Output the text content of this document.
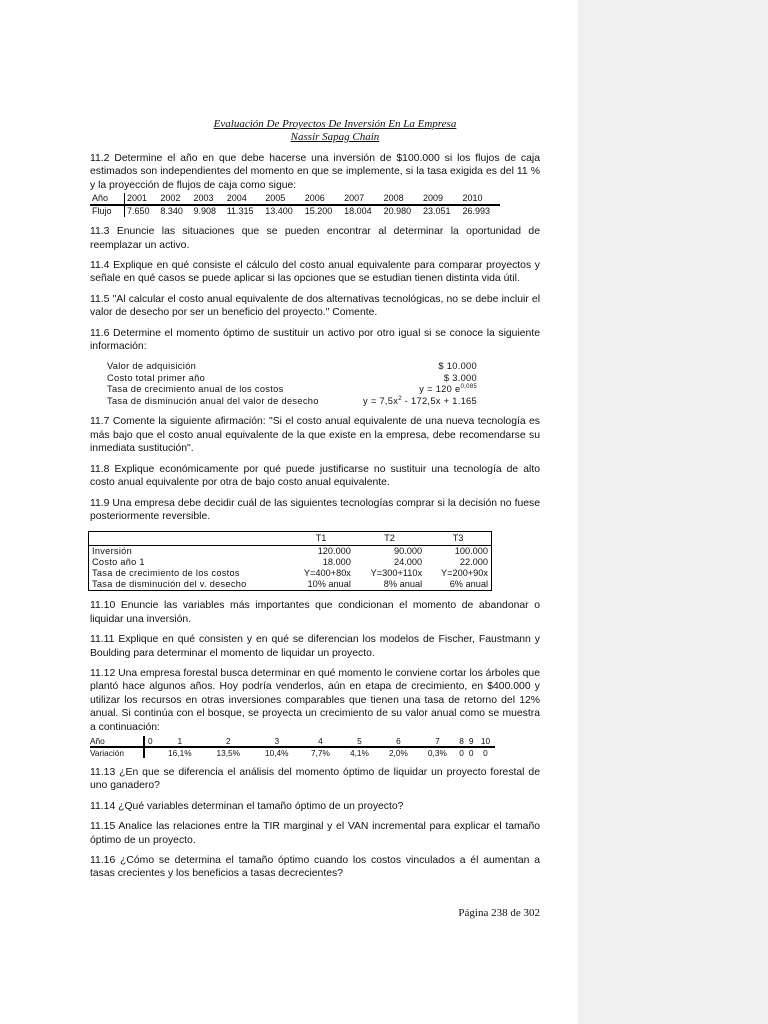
Evaluación De Proyectos De Inversión En La Empresa
Nassir Sapag Chain
11.2 Determine el año en que debe hacerse una inversión de $100.000 si los flujos de caja estimados son independientes del momento en que se implemente, si la tasa exigida es del 11 % y la proyección de flujos de caja como sigue:
Año	2001	2002	2003	2004	2005	2006	2007	2008	2009	2010
Flujo	7.650	8.340	9.908	11.315	13.400	15.200	18.004	20.980	23.051	26.993
11.3 Enuncie las situaciones que se pueden encontrar al determinar la oportunidad de reemplazar un activo.
11.4 Explique en qué consiste el cálculo del costo anual equivalente para comparar proyectos y señale en qué casos se puede aplicar si las opciones que se estudian tienen distinta vida útil.
11.5 "Al calcular el costo anual equivalente de dos alternativas tecnológicas, no se debe incluir el valor de desecho por ser un beneficio del proyecto." Comente.
11.6 Determine el momento óptimo de sustituir un activo por otro igual si se conoce la siguiente información:
Valor de adquisición	$ 10.000
Costo total primer año	$ 3.000
Tasa de crecimiento anual de los costos	y = 120 $e^{0,085}$
Tasa de disminución anual del valor de desecho	$y = 7,5x^2 - 172,5x + 1.165$
11.7 Comente la siguiente afirmación: "Si el costo anual equivalente de una nueva tecnología es más bajo que el costo anual equivalente de la que existe en la empresa, debe recomendarse su inmediata sustitución".
11.8 Explique económicamente por qué puede justificarse no sustituir una tecnología de alto costo anual equivalente por otra de bajo costo anual equivalente.
11.9 Una empresa debe decidir cuál de las siguientes tecnologías comprar si la decisión no fuese posteriormente reversible.
	T1	T2	T3
Inversión	120.000	90.000	100.000
Costo año 1	18.000	24.000	22.000
Tasa de crecimiento de los costos	Y=400+80x	Y=300+110x	Y=200+90x
Tasa de disminución del v. desecho	10% anual	8% anual	6% anual
11.10 Enuncie las variables más importantes que condicionan el momento de abandonar o liquidar una inversión.
11.11 Explique en qué consisten y en qué se diferencian los modelos de Fischer, Faustmann y Boulding para determinar el momento de liquidar un proyecto.
11.12 Una empresa forestal busca determinar en qué momento le conviene cortar los árboles que plantó hace algunos años. Hoy podría venderlos, aún en etapa de crecimiento, en $400.000 y utilizar los recursos en otras inversiones comparables que tienen una tasa de retorno del 12% anual. Si continúa con el bosque, se proyecta un crecimiento de su valor anual como se muestra a continuación:
Año	0	1	2	3	4	5	6	7	8	9	10
Variación		16,1%	13,5%	10,4%	7,7%	4,1%	2,0%	0,3%	0	0	0
11.13 ¿En que se diferencia el análisis del momento óptimo de liquidar un proyecto forestal de uno ganadero?
11.14 ¿Qué variables determinan el tamaño óptimo de un proyecto?
11.15 Analice las relaciones entre la TIR marginal y el VAN incremental para explicar el tamaño óptimo de un proyecto.
11.16 ¿Cómo se determina el tamaño óptimo cuando los costos vinculados a él aumentan a tasas crecientes y los beneficios a tasas decrecientes?
Página 238 de 302
